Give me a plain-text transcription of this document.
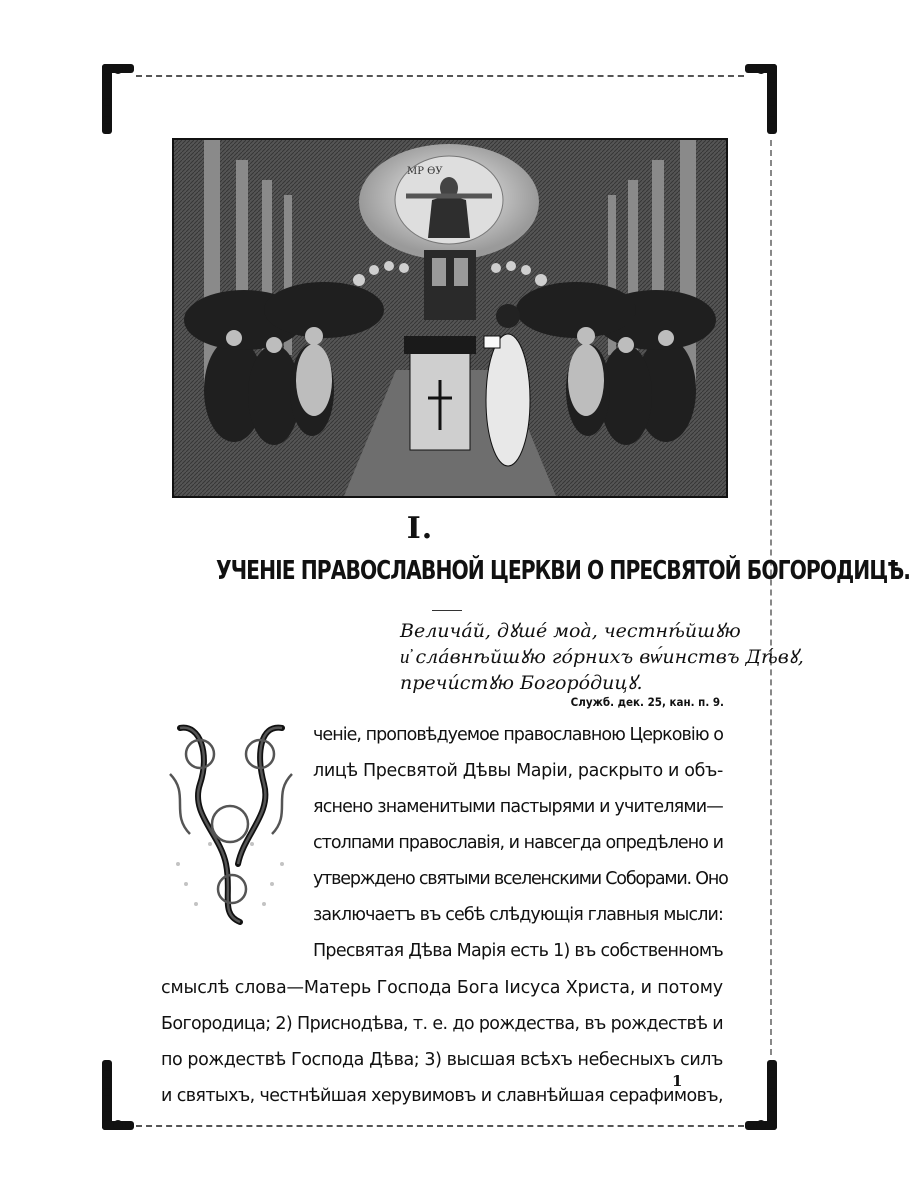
МР ѲУ
I.
УЧЕНІЕ ПРАВОСЛАВНОЙ ЦЕРКВИ О ПРЕСВЯТОЙ БОГОРОДИЦѢ.
Велича́й, дꙋше́ моа̀, честнѣ́йшꙋю
и҆ сла́внѣйшꙋю го́рнихъ вѡ́инствъ Дѣ́вꙋ,
пречи́стꙋю Богоро́дицꙋ.
Служб. дек. 25, кан. п. 9.
ченіе, проповѣдуемое православною Церковію о
лицѣ Пресвятой Дѣвы Маріи, раскрыто и объ-
яснено знаменитыми пастырями и учителями—
столпами православія, и навсегда опредѣлено и
утверждено святыми вселенскими Соборами. Оно
заключаетъ въ себѣ слѣдующія главныя мысли:
Пресвятая Дѣва Марія есть 1) въ собственномъ
смыслѣ слова—Матерь Господа Бога Іисуса Христа, и потому
Богородица; 2) Приснодѣва, т. е. до рождества, въ рождествѣ и
по рождествѣ Господа Дѣва; 3) высшая всѣхъ небесныхъ силъ
и святыхъ, честнѣйшая херувимовъ и славнѣйшая серафимовъ,
1
